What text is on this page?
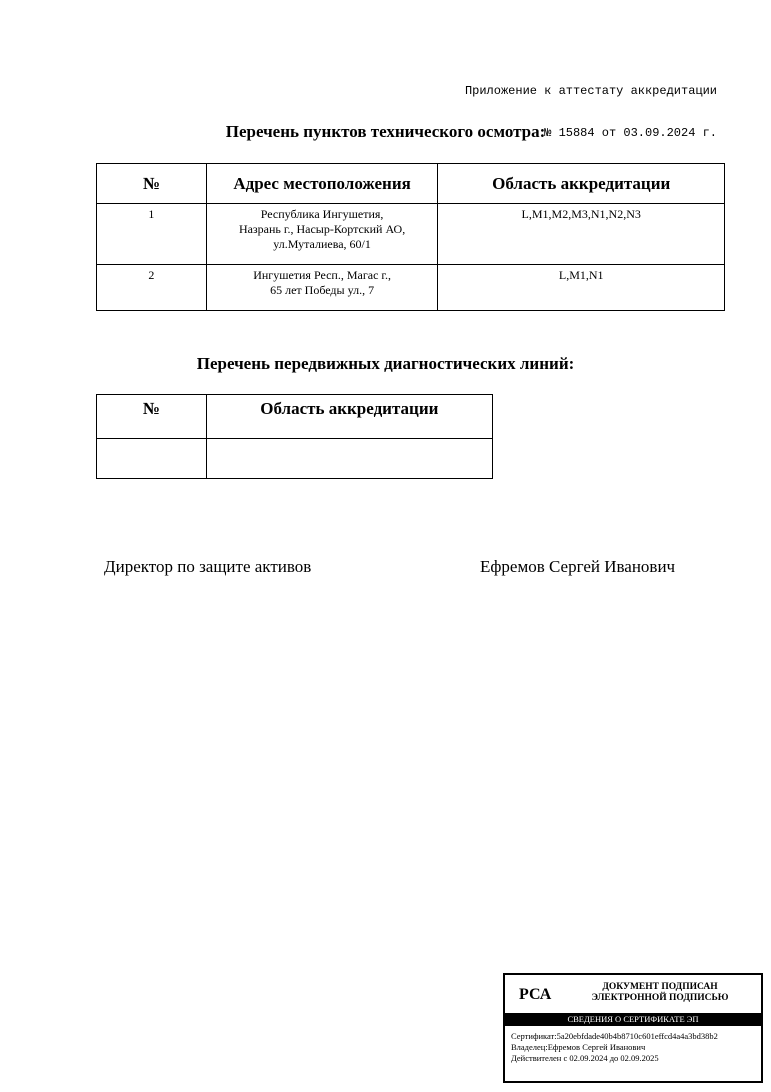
Приложение к аттестату аккредитации

№ 15884 от 03.09.2024 г.

Перечень пунктов технического осмотра:
№	Адрес местоположения	Область аккредитации

1	Республика Ингушетия,
Назрань г., Насыр-Кортский АО,
ул.Муталиева, 60/1	L,M1,M2,M3,N1,N2,N3

2	Ингушетия Респ., Магас г.,
65 лет Победы ул., 7	L,M1,N1
Перечень передвижных диагностических линий:
№	Область аккредитации

Директор по защите активов	Ефремов Сергей Иванович
РСА	ДОКУМЕНТ ПОДПИСАН
ЭЛЕКТРОННОЙ ПОДПИСЬЮ
СВЕДЕНИЯ О СЕРТИФИКАТЕ ЭП
Сертификат:5a20ebfdade40b4b8710c601effcd4a4a3bd38b2
Владелец:Ефремов Сергей Иванович
Действителен с 02.09.2024 до 02.09.2025
